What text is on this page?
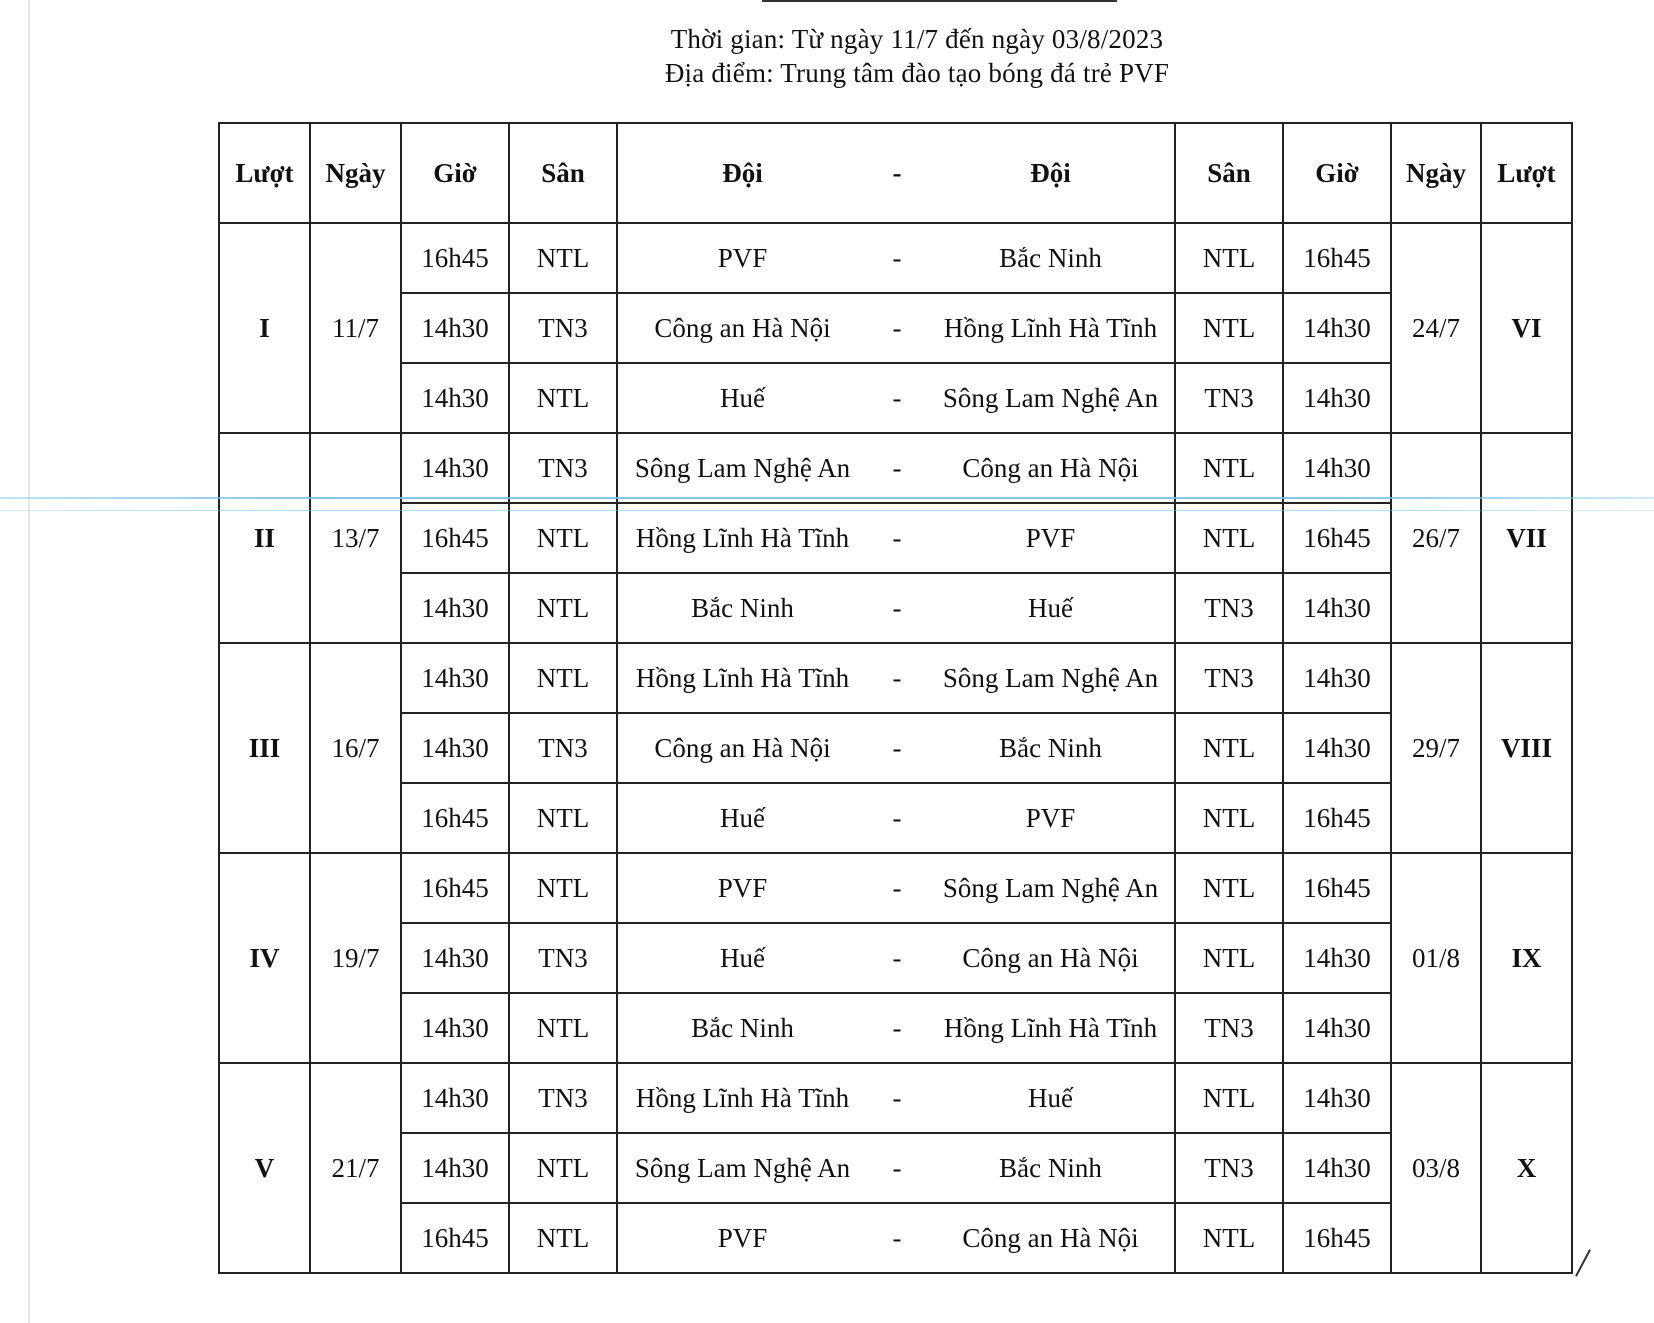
Thời gian: Từ ngày 11/7 đến ngày 03/8/2023
Địa điểm: Trung tâm đào tạo bóng đá trẻ PVF
Lượt	Ngày	Giờ	Sân	Đội	-	Đội	Sân	Giờ	Ngày	Lượt
I	11/7	16h45	NTL	PVF	-	Bắc Ninh	NTL	16h45	24/7	VI
		14h30	TN3	Công an Hà Nội	-	Hồng Lĩnh Hà Tĩnh	NTL	14h30		
		14h30	NTL	Huế	-	Sông Lam Nghệ An	TN3	14h30		
II	13/7	14h30	TN3	Sông Lam Nghệ An	-	Công an Hà Nội	NTL	14h30	26/7	VII
		16h45	NTL	Hồng Lĩnh Hà Tĩnh	-	PVF	NTL	16h45		
		14h30	NTL	Bắc Ninh	-	Huế	TN3	14h30		
III	16/7	14h30	NTL	Hồng Lĩnh Hà Tĩnh	-	Sông Lam Nghệ An	TN3	14h30	29/7	VIII
		14h30	TN3	Công an Hà Nội	-	Bắc Ninh	NTL	14h30		
		16h45	NTL	Huế	-	PVF	NTL	16h45		
IV	19/7	16h45	NTL	PVF	-	Sông Lam Nghệ An	NTL	16h45	01/8	IX
		14h30	TN3	Huế	-	Công an Hà Nội	NTL	14h30		
		14h30	NTL	Bắc Ninh	-	Hồng Lĩnh Hà Tĩnh	TN3	14h30		
V	21/7	14h30	TN3	Hồng Lĩnh Hà Tĩnh	-	Huế	NTL	14h30	03/8	X
		14h30	NTL	Sông Lam Nghệ An	-	Bắc Ninh	TN3	14h30		
		16h45	NTL	PVF	-	Công an Hà Nội	NTL	16h45		
